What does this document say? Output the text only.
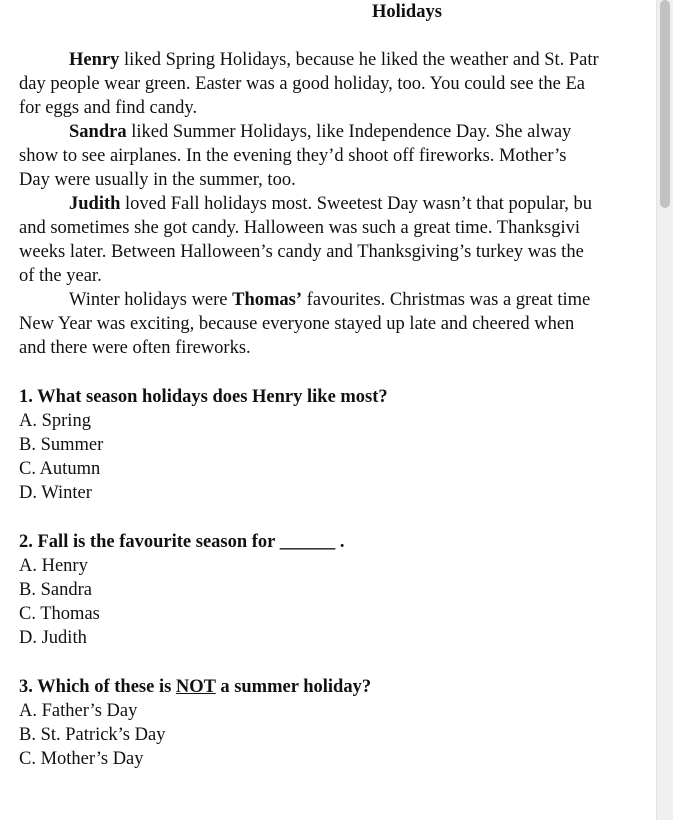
Holidays
Henry liked Spring Holidays, because he liked the weather and St. Patr
day people wear green. Easter was a good holiday, too. You could see the Ea
for eggs and find candy.
Sandra liked Summer Holidays, like Independence Day. She alway
show to see airplanes. In the evening they’d shoot off fireworks. Mother’s
Day were usually in the summer, too.
Judith loved Fall holidays most. Sweetest Day wasn’t that popular, bu
and sometimes she got candy. Halloween was such a great time. Thanksgivi
weeks later. Between Halloween’s candy and Thanksgiving’s turkey was the
of the year.
Winter holidays were Thomas’ favourites. Christmas was a great time
New Year was exciting, because everyone stayed up late and cheered when
and there were often fireworks.
1. What season holidays does Henry like most?
A. Spring
B. Summer
C. Autumn
D. Winter
2. Fall is the favourite season for ______ .
A. Henry
B. Sandra
C. Thomas
D. Judith
3. Which of these is NOT a summer holiday?
A. Father’s Day
B. St. Patrick’s Day
C. Mother’s Day
